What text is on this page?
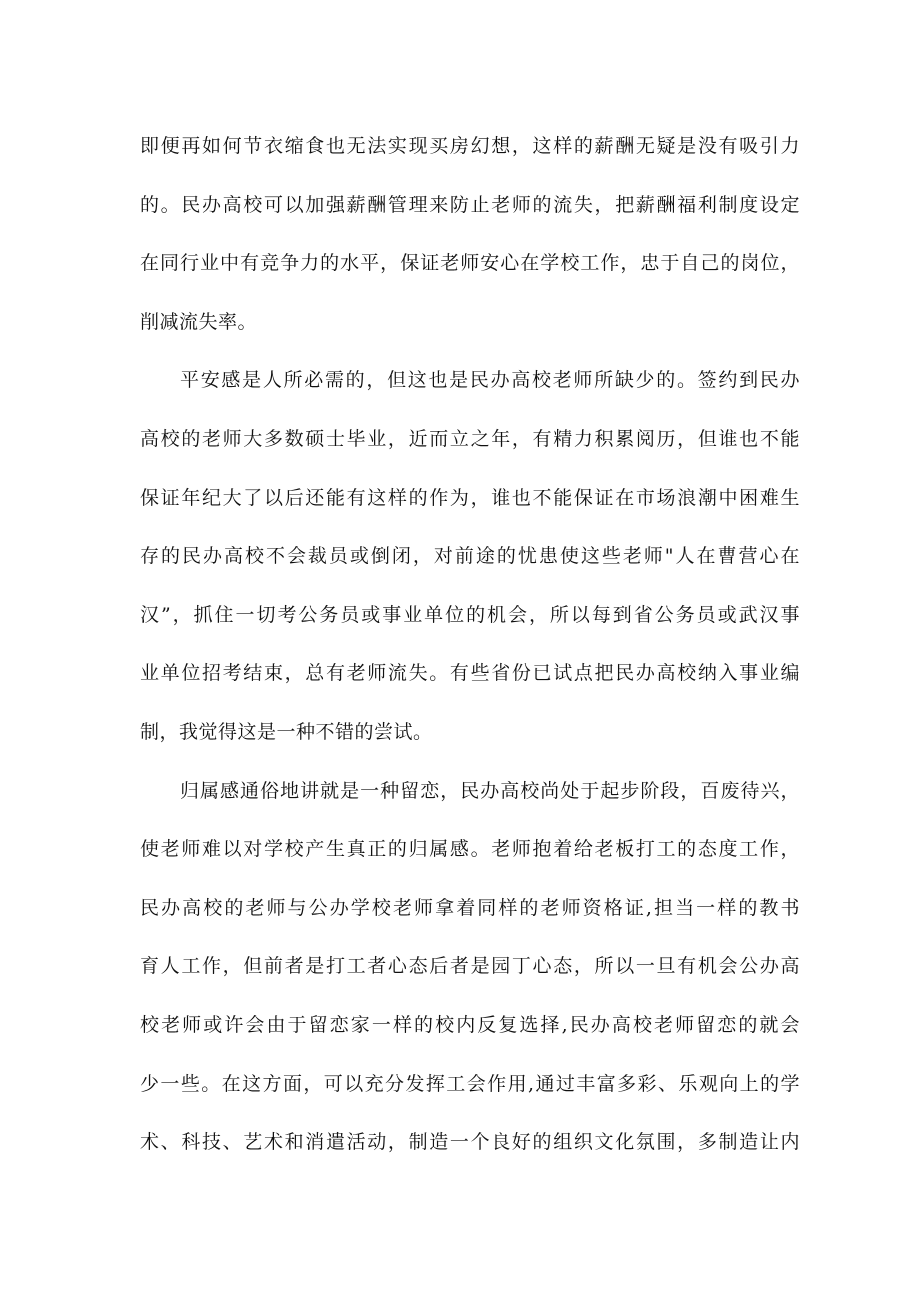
即便再如何节衣缩食也无法实现买房幻想，这样的薪酬无疑是没有吸引力
的。民办高校可以加强薪酬管理来防止老师的流失，把薪酬福利制度设定
在同行业中有竞争力的水平，保证老师安心在学校工作，忠于自己的岗位，
削减流失率。
平安感是人所必需的，但这也是民办高校老师所缺少的。签约到民办
高校的老师大多数硕士毕业，近而立之年，有精力积累阅历，但谁也不能
保证年纪大了以后还能有这样的作为，谁也不能保证在市场浪潮中困难生
存的民办高校不会裁员或倒闭，对前途的忧患使这些老师"人在曹营心在
汉”，抓住一切考公务员或事业单位的机会，所以每到省公务员或武汉事
业单位招考结束，总有老师流失。有些省份已试点把民办高校纳入事业编
制，我觉得这是一种不错的尝试。
归属感通俗地讲就是一种留恋，民办高校尚处于起步阶段，百废待兴，
使老师难以对学校产生真正的归属感。老师抱着给老板打工的态度工作，
民办高校的老师与公办学校老师拿着同样的老师资格证,担当一样的教书
育人工作，但前者是打工者心态后者是园丁心态，所以一旦有机会公办高
校老师或许会由于留恋家一样的校内反复选择,民办高校老师留恋的就会
少一些。在这方面，可以充分发挥工会作用,通过丰富多彩、乐观向上的学
术、科技、艺术和消遣活动，制造一个良好的组织文化氛围，多制造让内
